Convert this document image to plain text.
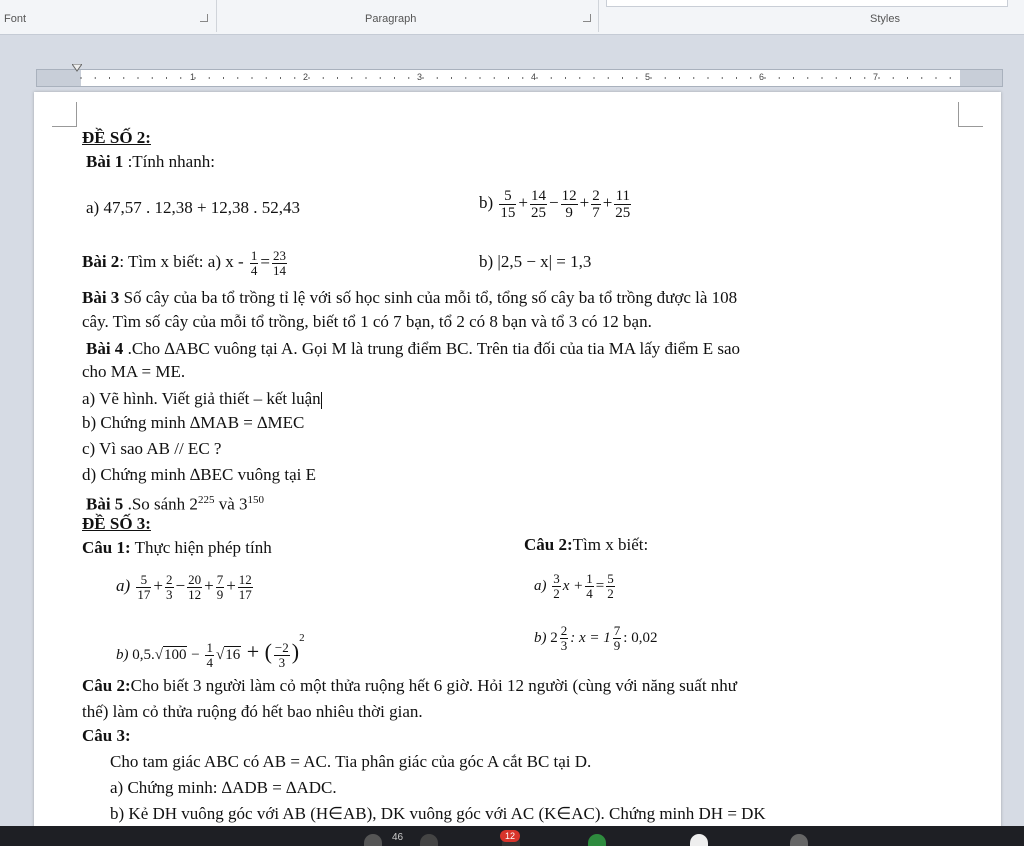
Font	Paragraph	Styles
1	2	3	4	5	6	7
ĐỀ SỐ 2:
Bài 1 :Tính nhanh:
a) 47,57 . 12,38 + 12,38 . 52,43	$b) \frac{5}{15} + \frac{14}{25} - \frac{12}{9} + \frac{2}{7} + \frac{11}{25}$
Bài 2: Tìm x biết: a) $x - \frac{1}{4} = \frac{23}{14}$	b) |2,5 − x| = 1,3
Bài 3 Số cây của ba tổ trồng tỉ lệ với số học sinh của mỗi tổ, tổng số cây ba tổ trồng được là 108
cây. Tìm số cây của mỗi tổ trồng, biết tổ 1 có 7 bạn, tổ 2 có 8 bạn và tổ 3 có 12 bạn.
Bài 4 .Cho ∆ABC vuông tại A. Gọi M là trung điểm BC. Trên tia đối của tia MA lấy điểm E sao
cho MA = ME.
a) Vẽ hình. Viết giả thiết – kết luận
b) Chứng minh ∆MAB = ∆MEC
c) Vì sao AB // EC ?
d) Chứng minh ∆BEC vuông tại E
Bài 5 .So sánh $2^{225}$ và $3^{150}$
ĐỀ SỐ 3:
Câu 1: Thực hiện phép tính	Câu 2:Tìm x biết:
$a) \frac{5}{17} + \frac{2}{3} - \frac{20}{12} + \frac{7}{9} + \frac{12}{17}$	$a) \frac{3}{2}$ $x + \frac{1}{4} = \frac{5}{2}$
b) $0,5.√100 - \frac{1}{4} √16$ + ( $\frac{-2}{3} )^2$	b) $2 \frac{2}{3}$ : $x = 1 \frac{7}{9}$ : 0,02
Câu 2:Cho biết 3 người làm cỏ một thửa ruộng hết 6 giờ. Hỏi 12 người (cùng với năng suất như
thế) làm cỏ thửa ruộng đó hết bao nhiêu thời gian.
Câu 3:
Cho tam giác ABC có AB = AC. Tia phân giác của góc A cắt BC tại D.
a) Chứng minh: ∆ADB = ∆ADC.
b) Kẻ DH vuông góc với AB (H∈AB), DK vuông góc với AC (K∈AC). Chứng minh DH = DK
46	12
